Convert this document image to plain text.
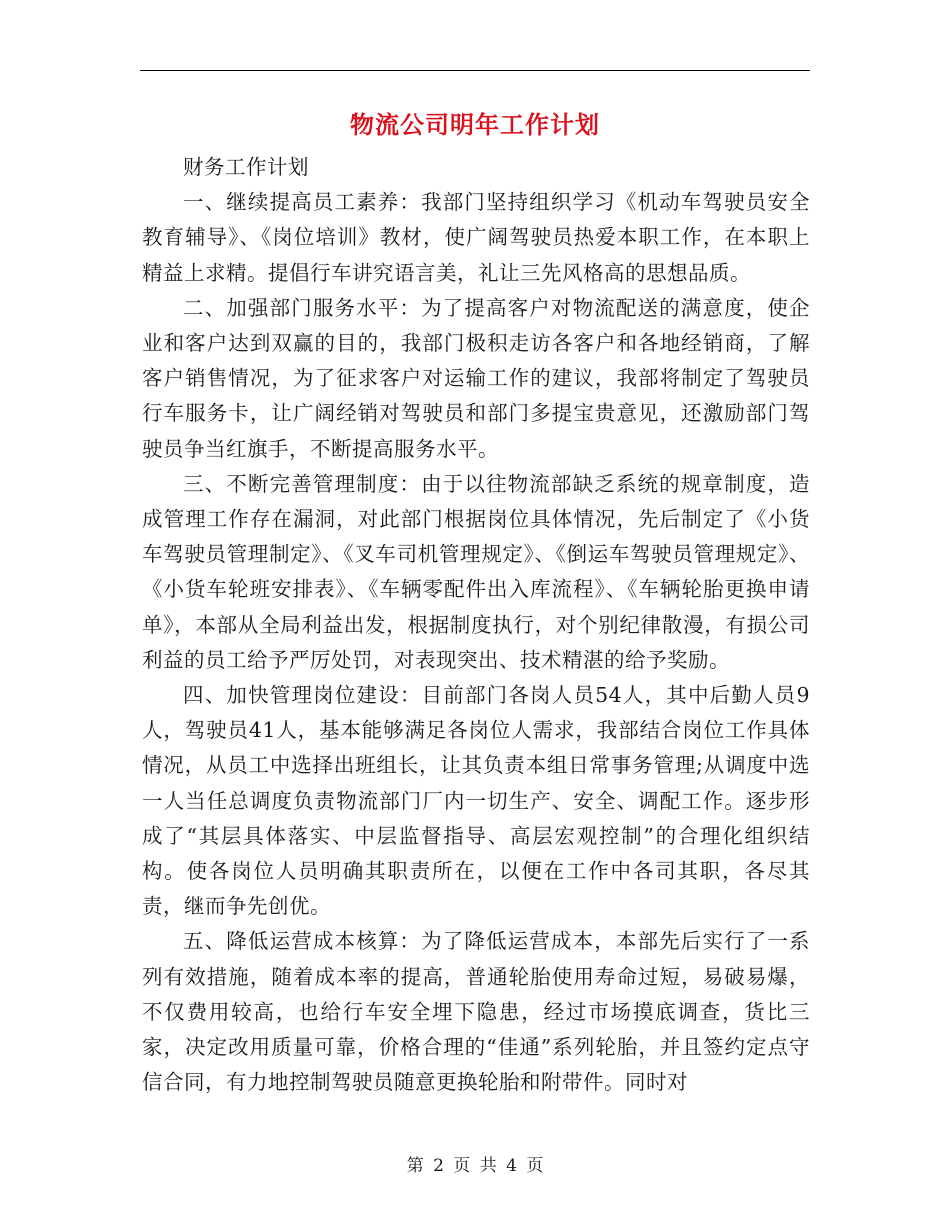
物流公司明年工作计划

财务工作计划

一、继续提高员工素养：我部门坚持组织学习《机动车驾驶员安全教育辅导》、《岗位培训》教材，使广阔驾驶员热爱本职工作，在本职上精益上求精。提倡行车讲究语言美，礼让三先风格高的思想品质。

二、加强部门服务水平：为了提高客户对物流配送的满意度，使企业和客户达到双赢的目的，我部门极积走访各客户和各地经销商，了解客户销售情况，为了征求客户对运输工作的建议，我部将制定了驾驶员行车服务卡，让广阔经销对驾驶员和部门多提宝贵意见，还激励部门驾驶员争当红旗手，不断提高服务水平。

三、不断完善管理制度：由于以往物流部缺乏系统的规章制度，造成管理工作存在漏洞，对此部门根据岗位具体情况，先后制定了《小货车驾驶员管理制定》、《叉车司机管理规定》、《倒运车驾驶员管理规定》、《小货车轮班安排表》、《车辆零配件出入库流程》、《车辆轮胎更换申请单》，本部从全局利益出发，根据制度执行，对个别纪律散漫，有损公司利益的员工给予严厉处罚，对表现突出、技术精湛的给予奖励。

四、加快管理岗位建设：目前部门各岗人员54人，其中后勤人员9人，驾驶员41人，基本能够满足各岗位人需求，我部结合岗位工作具体情况，从员工中选择出班组长，让其负责本组日常事务管理;从调度中选一人当任总调度负责物流部门厂内一切生产、安全、调配工作。逐步形成了“其层具体落实、中层监督指导、高层宏观控制”的合理化组织结构。使各岗位人员明确其职责所在，以便在工作中各司其职，各尽其责，继而争先创优。

五、降低运营成本核算：为了降低运营成本，本部先后实行了一系列有效措施，随着成本率的提高，普通轮胎使用寿命过短，易破易爆，不仅费用较高，也给行车安全埋下隐患，经过市场摸底调查，货比三家，决定改用质量可靠，价格合理的“佳通”系列轮胎，并且签约定点守信合同，有力地控制驾驶员随意更换轮胎和附带件。同时对

第 2 页 共 4 页
